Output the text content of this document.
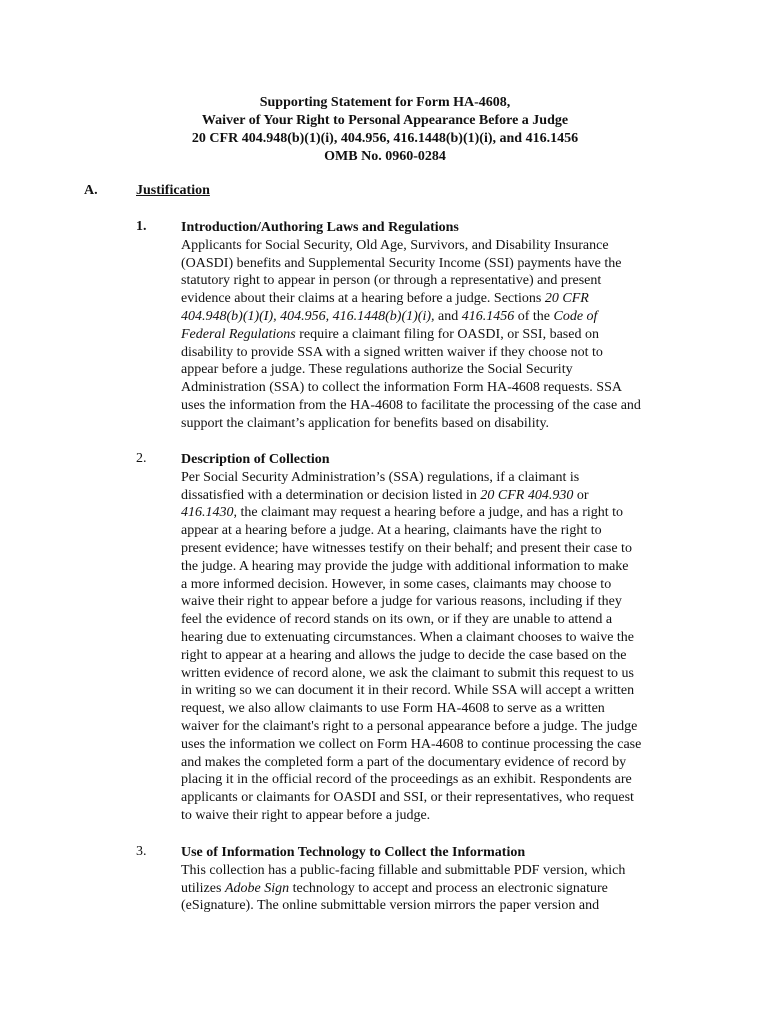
Supporting Statement for Form HA-4608,
Waiver of Your Right to Personal Appearance Before a Judge
20 CFR 404.948(b)(1)(i), 404.956, 416.1448(b)(1)(i), and 416.1456
OMB No. 0960-0284
A.	Justification
1. Introduction/Authoring Laws and Regulations
Applicants for Social Security, Old Age, Survivors, and Disability Insurance
(OASDI) benefits and Supplemental Security Income (SSI) payments have the
statutory right to appear in person (or through a representative) and present
evidence about their claims at a hearing before a judge. Sections 20 CFR
404.948(b)(1)(I), 404.956, 416.1448(b)(1)(i), and 416.1456 of the Code of
Federal Regulations require a claimant filing for OASDI, or SSI, based on
disability to provide SSA with a signed written waiver if they choose not to
appear before a judge. These regulations authorize the Social Security
Administration (SSA) to collect the information Form HA-4608 requests. SSA
uses the information from the HA-4608 to facilitate the processing of the case and
support the claimant’s application for benefits based on disability.
2. Description of Collection
Per Social Security Administration’s (SSA) regulations, if a claimant is
dissatisfied with a determination or decision listed in 20 CFR 404.930 or
416.1430, the claimant may request a hearing before a judge, and has a right to
appear at a hearing before a judge. At a hearing, claimants have the right to
present evidence; have witnesses testify on their behalf; and present their case to
the judge. A hearing may provide the judge with additional information to make
a more informed decision. However, in some cases, claimants may choose to
waive their right to appear before a judge for various reasons, including if they
feel the evidence of record stands on its own, or if they are unable to attend a
hearing due to extenuating circumstances. When a claimant chooses to waive the
right to appear at a hearing and allows the judge to decide the case based on the
written evidence of record alone, we ask the claimant to submit this request to us
in writing so we can document it in their record. While SSA will accept a written
request, we also allow claimants to use Form HA-4608 to serve as a written
waiver for the claimant's right to a personal appearance before a judge. The judge
uses the information we collect on Form HA-4608 to continue processing the case
and makes the completed form a part of the documentary evidence of record by
placing it in the official record of the proceedings as an exhibit. Respondents are
applicants or claimants for OASDI and SSI, or their representatives, who request
to waive their right to appear before a judge.
3. Use of Information Technology to Collect the Information
This collection has a public-facing fillable and submittable PDF version, which
utilizes Adobe Sign technology to accept and process an electronic signature
(eSignature). The online submittable version mirrors the paper version and
